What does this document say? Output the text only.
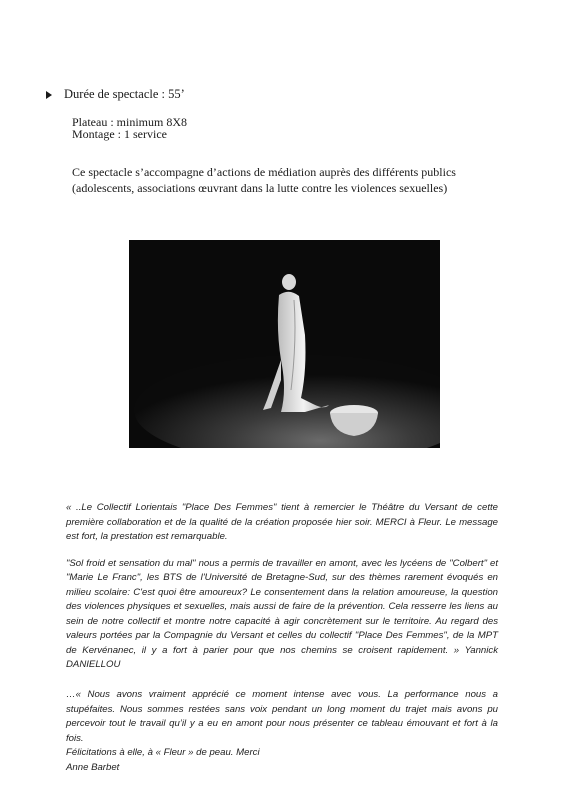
Durée de spectacle : 55’
Plateau : minimum 8X8
Montage : 1 service
Ce spectacle s’accompagne d’actions de médiation auprès des différents publics
(adolescents, associations œuvrant dans la lutte contre les violences sexuelles)

« ..Le Collectif Lorientais "Place Des Femmes" tient à remercier le Théâtre du Versant de cette première collaboration et de la qualité de la création proposée hier soir. MERCI à Fleur. Le message est fort, la prestation est remarquable.

"Sol froid et sensation du mal" nous a permis de travailler en amont, avec les lycéens de "Colbert" et "Marie Le Franc", les BTS de l'Université de Bretagne-Sud, sur des thèmes rarement évoqués en milieu scolaire: C'est quoi être amoureux? Le consentement dans la relation amoureuse, la question des violences physiques et sexuelles, mais aussi de faire de la prévention. Cela resserre les liens au sein de notre collectif et montre notre capacité à agir concrètement sur le territoire. Au regard des valeurs portées par la Compagnie du Versant et celles du collectif "Place Des Femmes", de la MPT de Kervénanec, il y a fort à parier pour que nos chemins se croisent rapidement. » Yannick DANIELLOU

…« Nous avons vraiment apprécié ce moment intense avec vous. La performance nous a stupéfaites. Nous sommes restées sans voix pendant un long moment du trajet mais avons pu percevoir tout le travail qu’il y a eu en amont pour nous présenter ce tableau émouvant et fort à la fois.

Félicitations à elle, à « Fleur » de peau. Merci

Anne Barbet
